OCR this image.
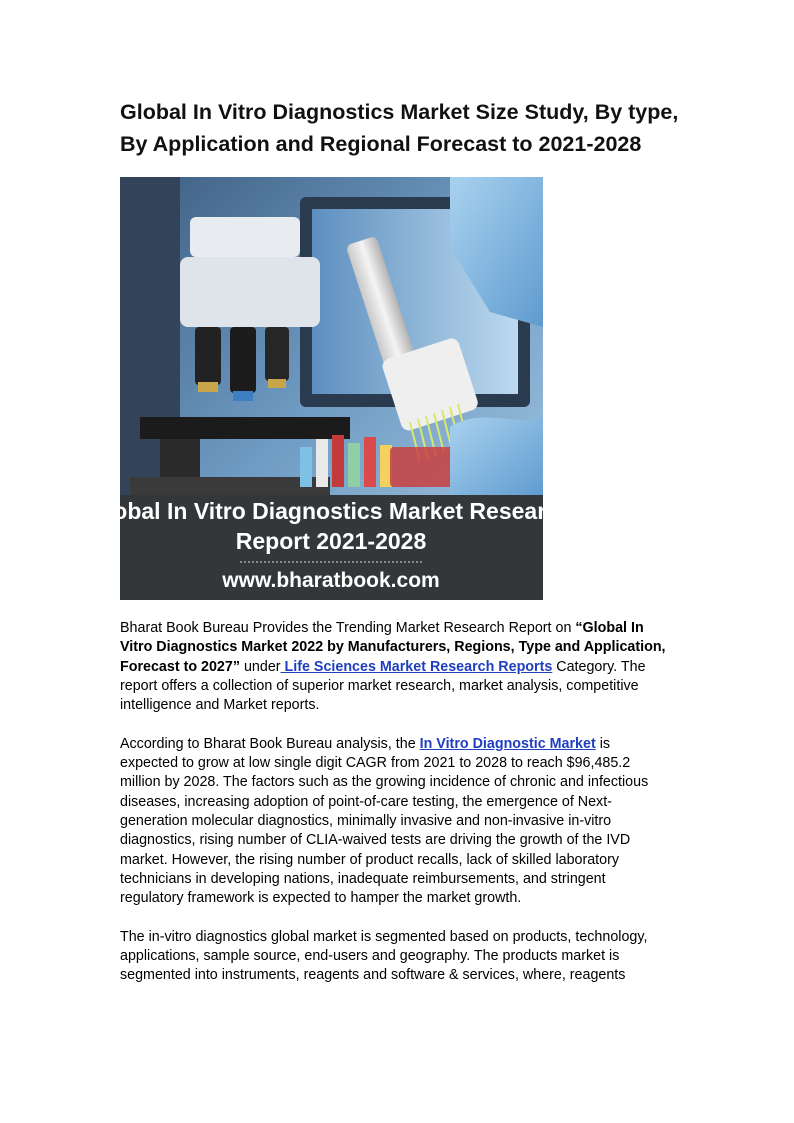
Global In Vitro Diagnostics Market Size Study, By type,
By Application and Regional Forecast to 2021-2028
Global In Vitro Diagnostics Market Research
Report 2021-2028
www.bharatbook.com
Bharat Book Bureau Provides the Trending Market Research Report on “Global In
Vitro Diagnostics Market 2022 by Manufacturers, Regions, Type and Application,
Forecast to 2027” under Life Sciences Market Research Reports Category. The
report offers a collection of superior market research, market analysis, competitive
intelligence and Market reports.
According to Bharat Book Bureau analysis, the In Vitro Diagnostic Market is
expected to grow at low single digit CAGR from 2021 to 2028 to reach $96,485.2
million by 2028. The factors such as the growing incidence of chronic and infectious
diseases, increasing adoption of point-of-care testing, the emergence of Next-
generation molecular diagnostics, minimally invasive and non-invasive in-vitro
diagnostics, rising number of CLIA-waived tests are driving the growth of the IVD
market. However, the rising number of product recalls, lack of skilled laboratory
technicians in developing nations, inadequate reimbursements, and stringent
regulatory framework is expected to hamper the market growth.
The in-vitro diagnostics global market is segmented based on products, technology,
applications, sample source, end-users and geography. The products market is
segmented into instruments, reagents and software & services, where, reagents
